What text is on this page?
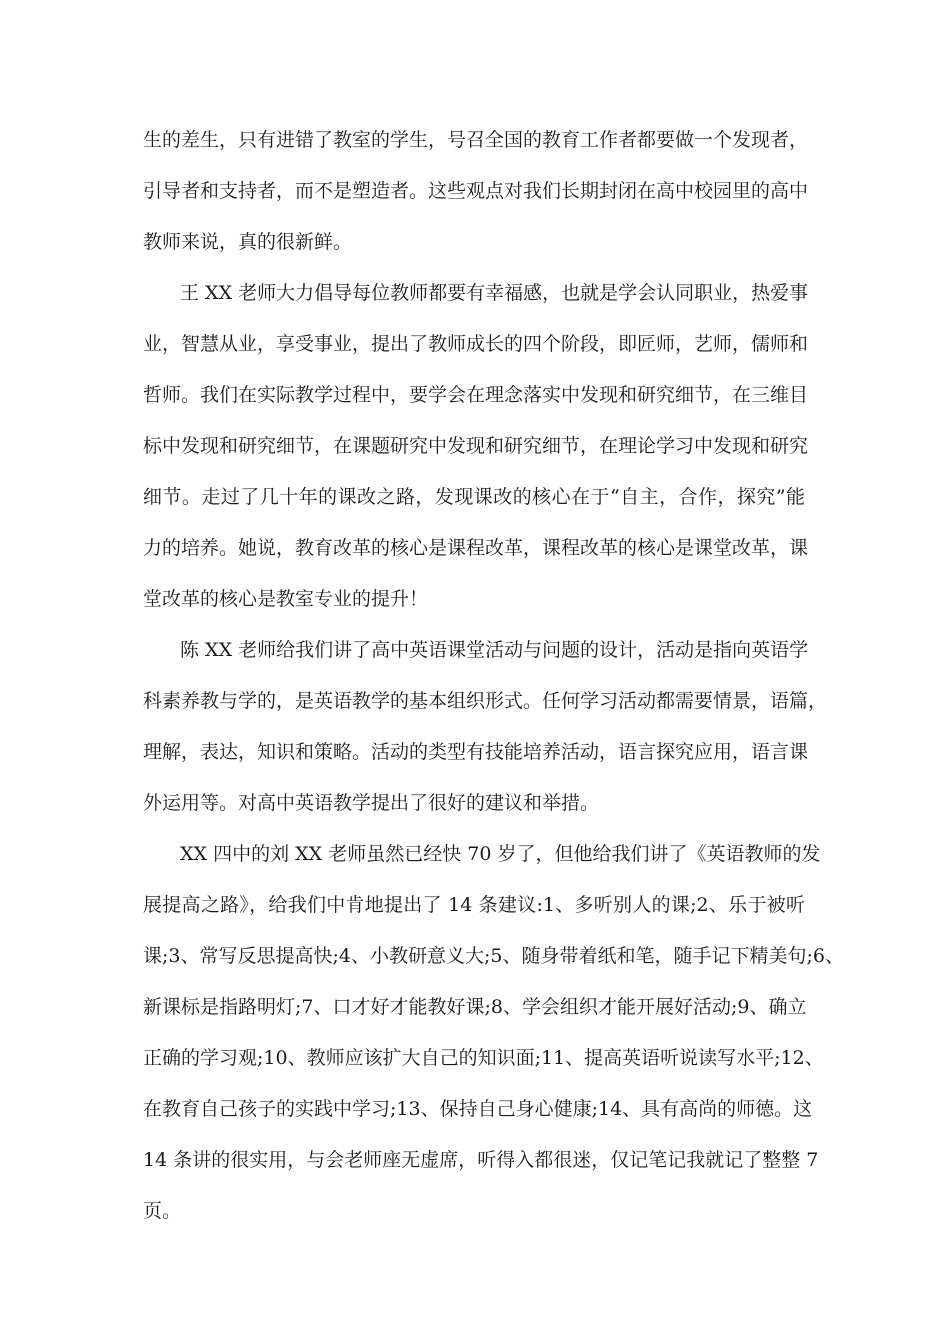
生的差生，只有进错了教室的学生，号召全国的教育工作者都要做一个发现者，
引导者和支持者，而不是塑造者。这些观点对我们长期封闭在高中校园里的高中
教师来说，真的很新鲜。
王 XX 老师大力倡导每位教师都要有幸福感，也就是学会认同职业，热爱事
业，智慧从业，享受事业，提出了教师成长的四个阶段，即匠师，艺师，儒师和
哲师。我们在实际教学过程中，要学会在理念落实中发现和研究细节，在三维目
标中发现和研究细节，在课题研究中发现和研究细节，在理论学习中发现和研究
细节。走过了几十年的课改之路，发现课改的核心在于“自主，合作，探究”能
力的培养。她说，教育改革的核心是课程改革，课程改革的核心是课堂改革，课
堂改革的核心是教室专业的提升！
陈 XX 老师给我们讲了高中英语课堂活动与问题的设计，活动是指向英语学
科素养教与学的，是英语教学的基本组织形式。任何学习活动都需要情景，语篇，
理解，表达，知识和策略。活动的类型有技能培养活动，语言探究应用，语言课
外运用等。对高中英语教学提出了很好的建议和举措。
XX 四中的刘 XX 老师虽然已经快 70 岁了，但他给我们讲了《英语教师的发
展提高之路》，给我们中肯地提出了 14 条建议:1、多听别人的课;2、乐于被听
课;3、常写反思提高快;4、小教研意义大;5、随身带着纸和笔，随手记下精美句;6、
新课标是指路明灯;7、口才好才能教好课;8、学会组织才能开展好活动;9、确立
正确的学习观;10、教师应该扩大自己的知识面;11、提高英语听说读写水平;12、
在教育自己孩子的实践中学习;13、保持自己身心健康;14、具有高尚的师德。这
14 条讲的很实用，与会老师座无虚席，听得入都很迷，仅记笔记我就记了整整 7
页。
